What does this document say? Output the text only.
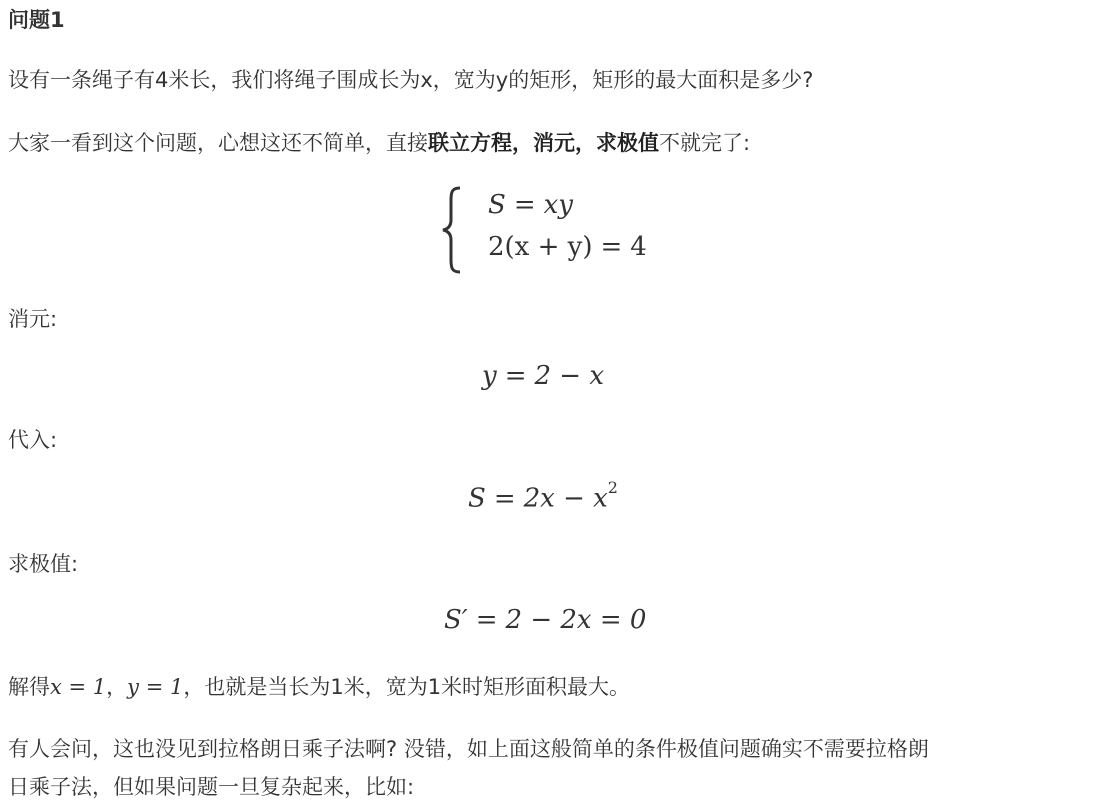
问题1
设有一条绳子有4米长，我们将绳子围成长为x，宽为y的矩形，矩形的最大面积是多少?
大家一看到这个问题，心想这还不简单，直接联立方程，消元，求极值不就完了:
S = xy
2(x + y) = 4
消元:
y = 2 − x
代入:
$S = 2x - x^2$
求极值:
S′ = 2 − 2x = 0
解得x = 1，y = 1，也就是当长为1米，宽为1米时矩形面积最大。
有人会问，这也没见到拉格朗日乘子法啊? 没错，如上面这般简单的条件极值问题确实不需要拉格朗
日乘子法，但如果问题一旦复杂起来，比如:
